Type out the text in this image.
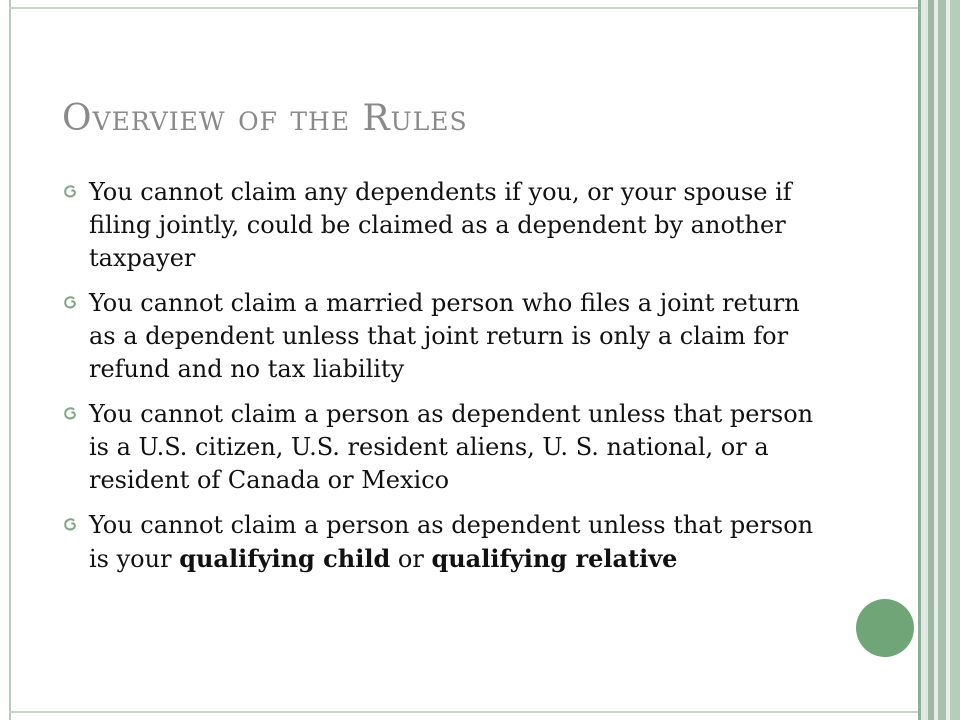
Overview of the Rules
You cannot claim any dependents if you, or your spouse if filing jointly, could be claimed as a dependent by another taxpayer
You cannot claim a married person who files a joint return as a dependent unless that joint return is only a claim for refund and no tax liability
You cannot claim a person as dependent unless that person is a U.S. citizen, U.S. resident aliens, U. S. national, or a resident of Canada or Mexico
You cannot claim a person as dependent unless that person is your qualifying child or qualifying relative
